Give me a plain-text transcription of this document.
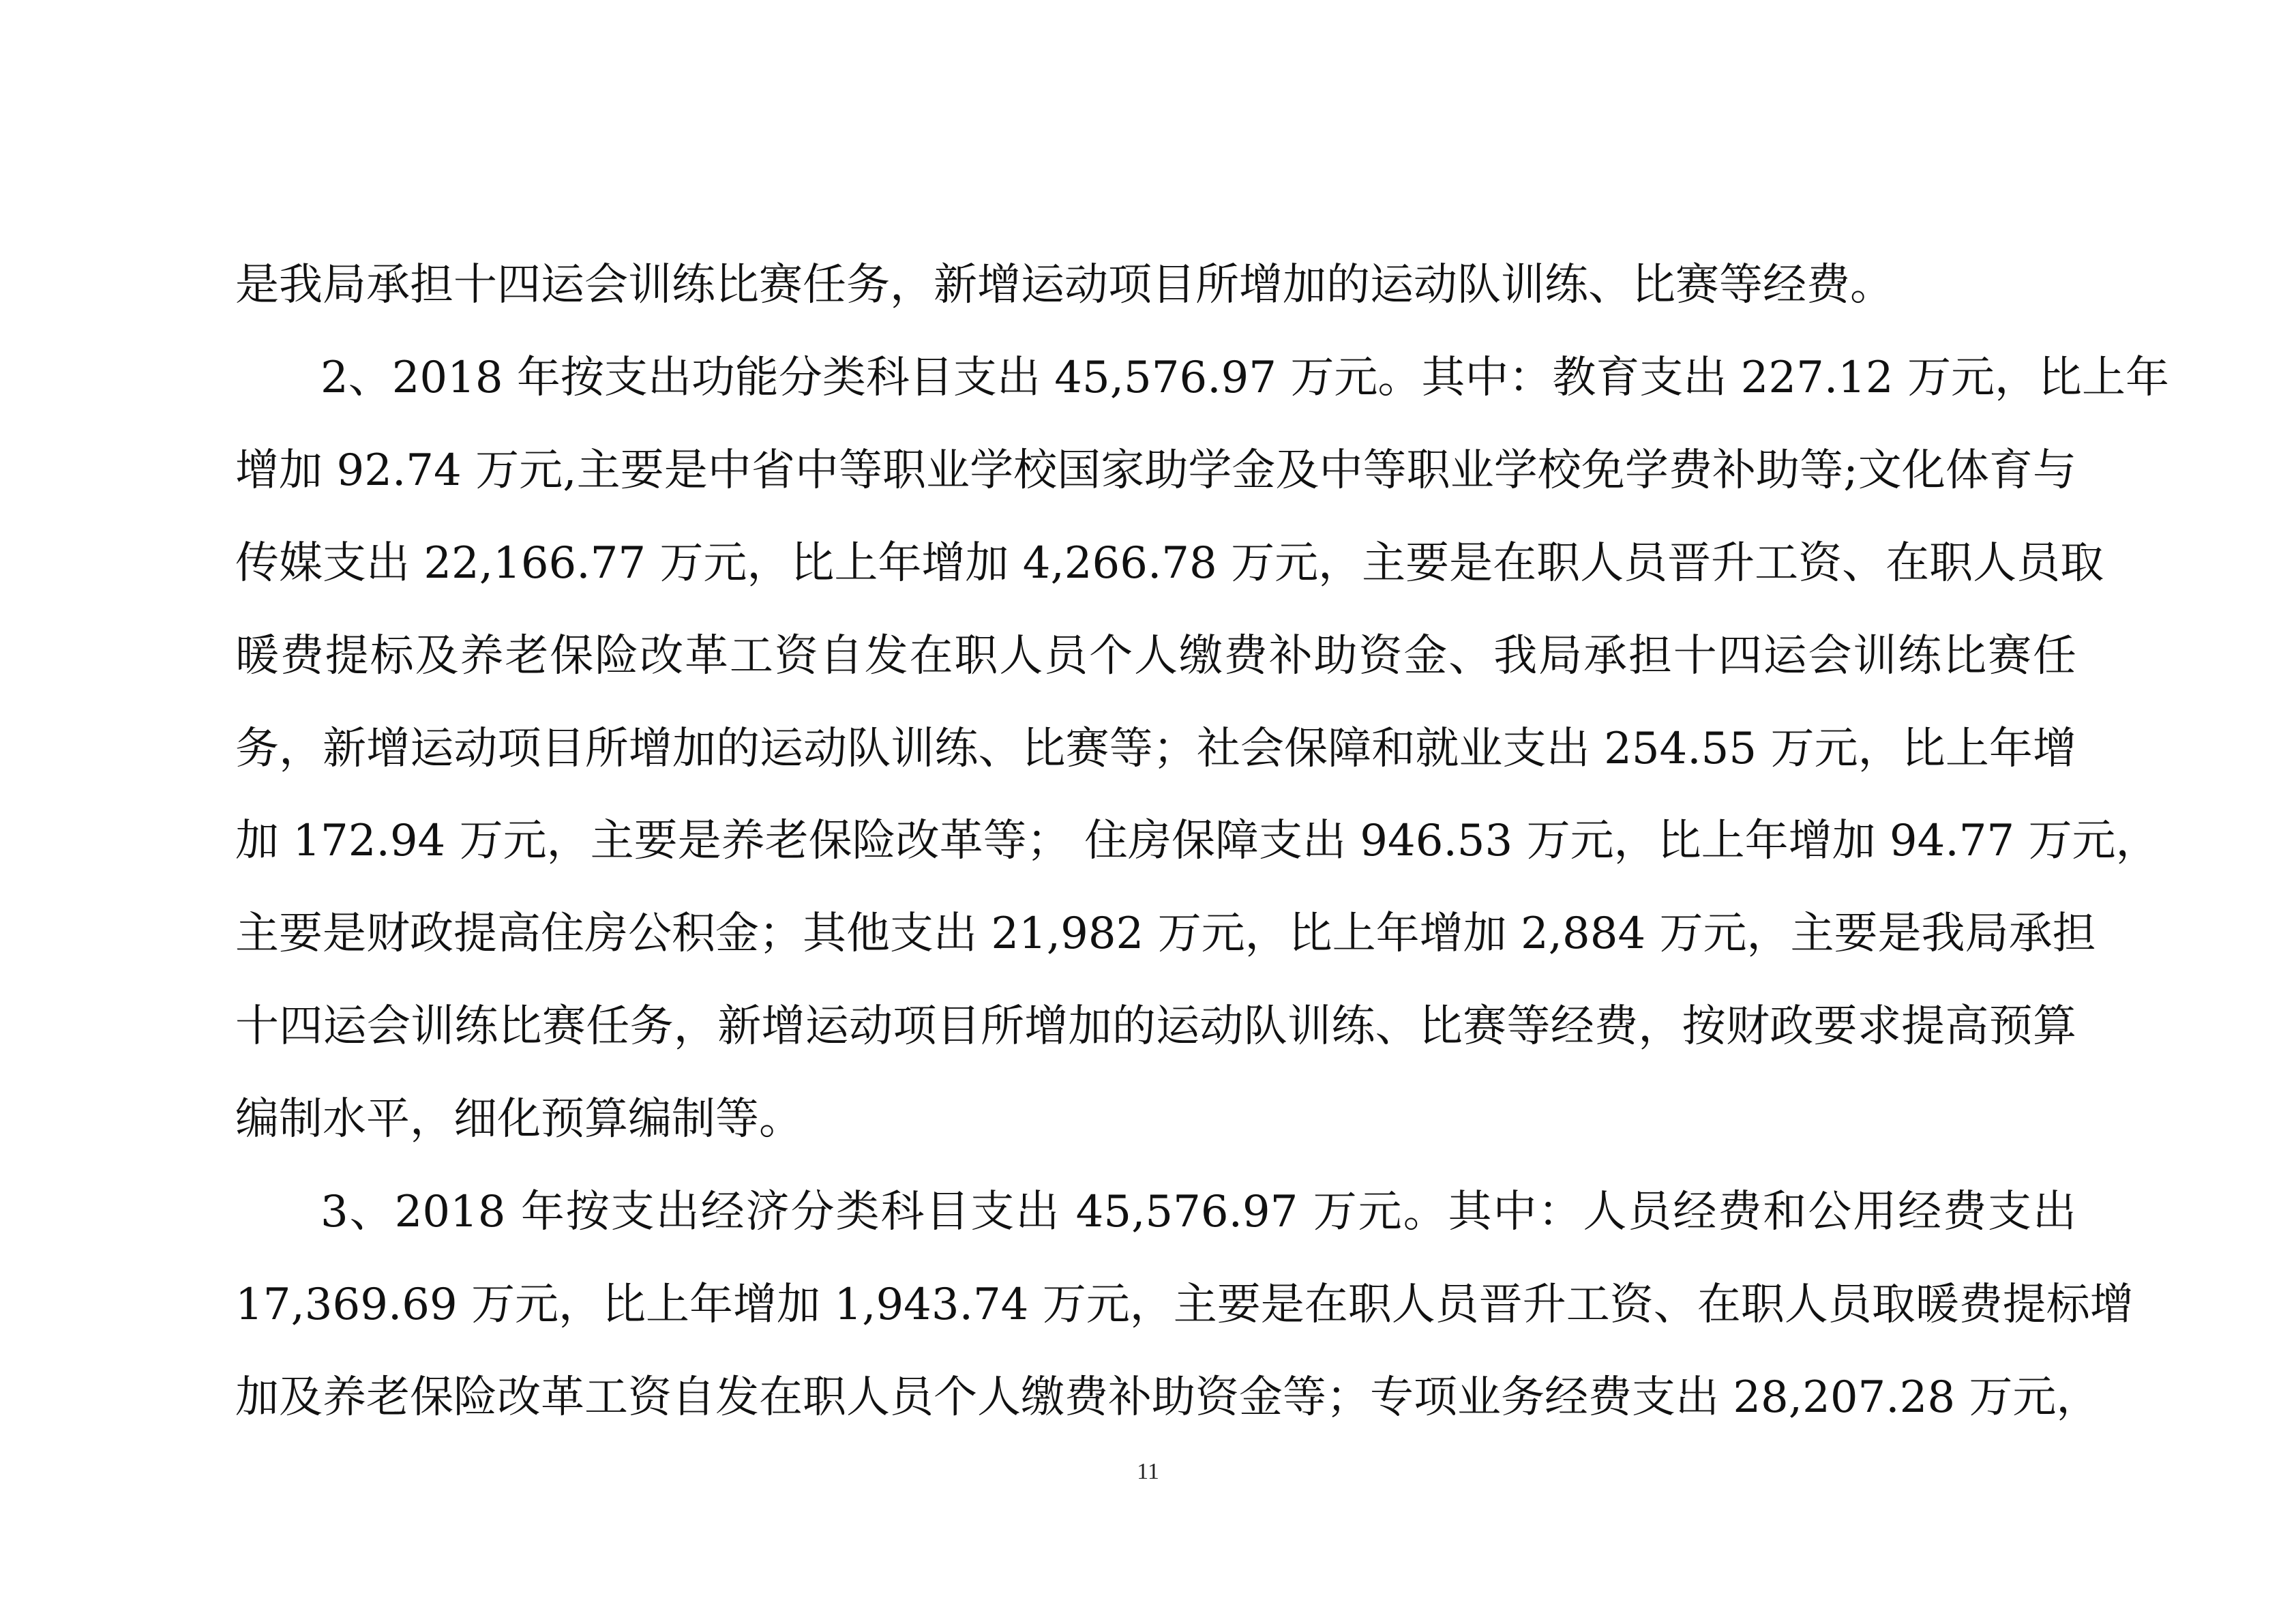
是我局承担十四运会训练比赛任务，新增运动项目所增加的运动队训练、比赛等经费。
2、2018 年按支出功能分类科目支出 45,576.97 万元。其中：教育支出 227.12 万元，比上年
增加 92.74 万元,主要是中省中等职业学校国家助学金及中等职业学校免学费补助等;文化体育与
传媒支出 22,166.77 万元，比上年增加 4,266.78 万元，主要是在职人员晋升工资、在职人员取
暖费提标及养老保险改革工资自发在职人员个人缴费补助资金、我局承担十四运会训练比赛任
务，新增运动项目所增加的运动队训练、比赛等；社会保障和就业支出 254.55 万元，比上年增
加 172.94 万元，主要是养老保险改革等； 住房保障支出 946.53 万元，比上年增加 94.77 万元，
主要是财政提高住房公积金；其他支出 21,982 万元，比上年增加 2,884 万元，主要是我局承担
十四运会训练比赛任务，新增运动项目所增加的运动队训练、比赛等经费，按财政要求提高预算
编制水平，细化预算编制等。
3、2018 年按支出经济分类科目支出 45,576.97 万元。其中：人员经费和公用经费支出
17,369.69 万元，比上年增加 1,943.74 万元，主要是在职人员晋升工资、在职人员取暖费提标增
加及养老保险改革工资自发在职人员个人缴费补助资金等；专项业务经费支出 28,207.28 万元，
11
